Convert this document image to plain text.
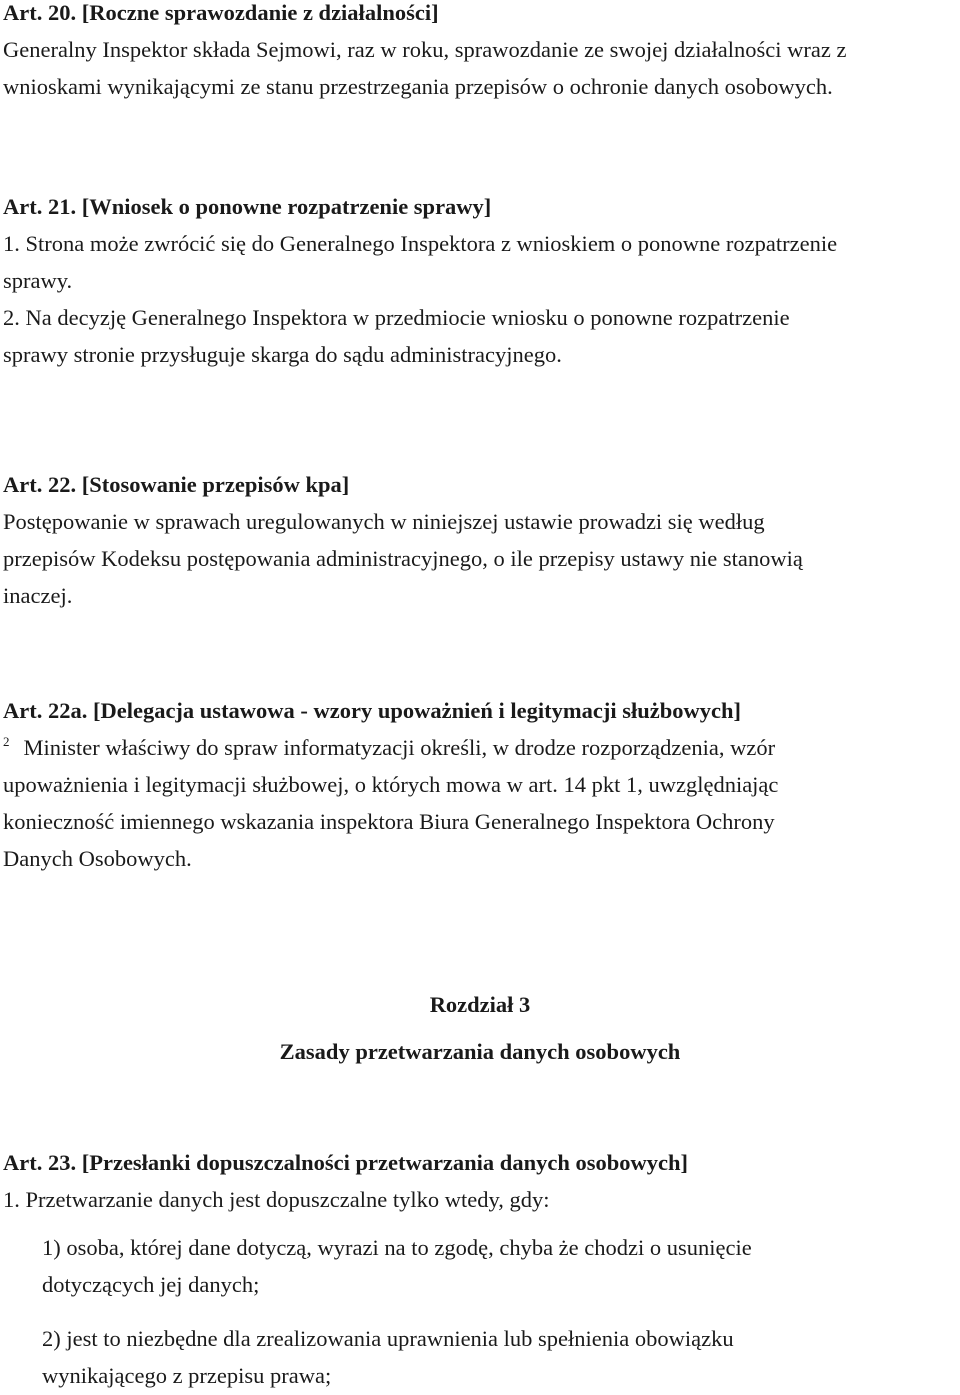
Art. 20. [Roczne sprawozdanie z działalności]
Generalny Inspektor składa Sejmowi, raz w roku, sprawozdanie ze swojej działalności wraz z
wnioskami wynikającymi ze stanu przestrzegania przepisów o ochronie danych osobowych.
Art. 21. [Wniosek o ponowne rozpatrzenie sprawy]
1. Strona może zwrócić się do Generalnego Inspektora z wnioskiem o ponowne rozpatrzenie
sprawy.
2. Na decyzję Generalnego Inspektora w przedmiocie wniosku o ponowne rozpatrzenie
sprawy stronie przysługuje skarga do sądu administracyjnego.
Art. 22. [Stosowanie przepisów kpa]
Postępowanie w sprawach uregulowanych w niniejszej ustawie prowadzi się według
przepisów Kodeksu postępowania administracyjnego, o ile przepisy ustawy nie stanowią
inaczej.
Art. 22a. [Delegacja ustawowa - wzory upoważnień i legitymacji służbowych]
$^2$ Minister właściwy do spraw informatyzacji określi, w drodze rozporządzenia, wzór
upoważnienia i legitymacji służbowej, o których mowa w art. 14 pkt 1, uwzględniając
konieczność imiennego wskazania inspektora Biura Generalnego Inspektora Ochrony
Danych Osobowych.
Rozdział 3
Zasady przetwarzania danych osobowych
Art. 23. [Przesłanki dopuszczalności przetwarzania danych osobowych]
1. Przetwarzanie danych jest dopuszczalne tylko wtedy, gdy:
1) osoba, której dane dotyczą, wyrazi na to zgodę, chyba że chodzi o usunięcie
dotyczących jej danych;
2) jest to niezbędne dla zrealizowania uprawnienia lub spełnienia obowiązku
wynikającego z przepisu prawa;
